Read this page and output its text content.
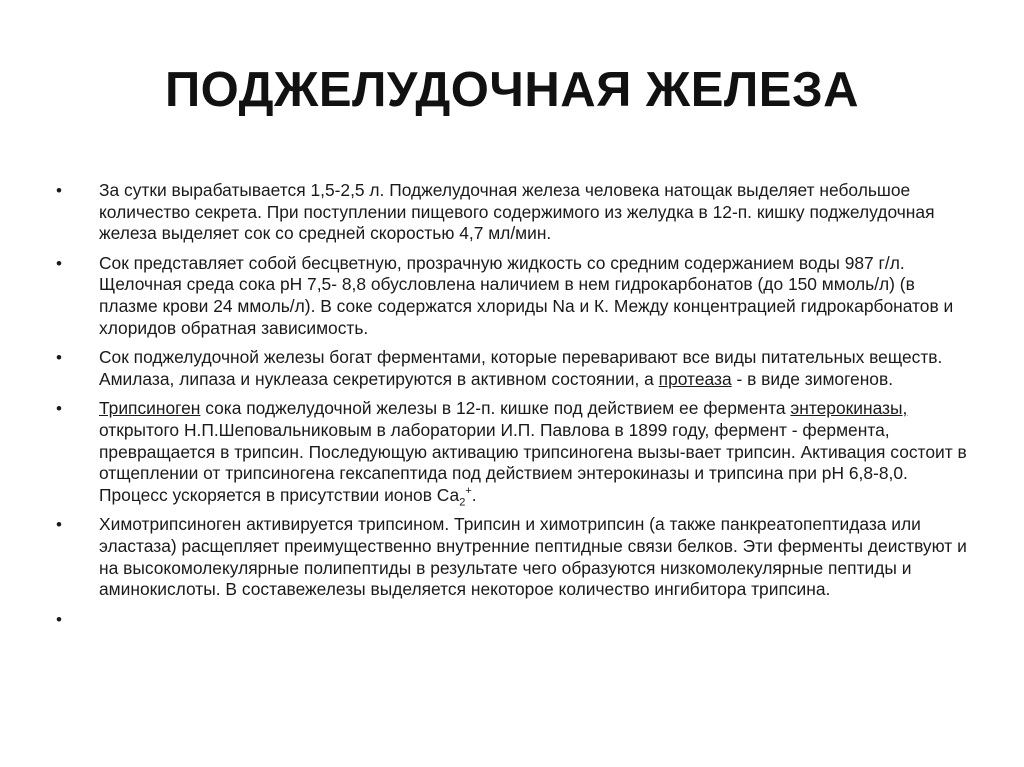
ПОДЖЕЛУДОЧНАЯ ЖЕЛЕЗА
• За сутки вырабатывается 1,5-2,5 л. Поджелудочная железа человека натощак выделяет небольшое количество секрета. При поступлении пищевого содержимого из желудка в 12-п. кишку поджелудочная железа выделяет сок со средней скоростью 4,7 мл/мин.
• Сок представляет собой бесцветную, прозрачную жидкость со средним содержанием воды 987 г/л. Щелочная среда сока рН 7,5- 8,8 обусловлена наличием в нем гидрокарбонатов (до 150 ммоль/л) (в плазме крови 24 ммоль/л). В соке содержатся хлориды Na и К. Между концентрацией гидрокарбонатов и хлоридов обратная зависимость.
• Сок поджелудочной железы богат ферментами, которые переваривают все виды питательных веществ. Амилаза, липаза и нуклеаза секретируются в активном состоянии, а протеаза - в виде зимогенов.
• Трипсиноген сока поджелудочной железы в 12-п. кишке под действием ее фермента энтерокиназы, открытого Н.П.Шеповальниковым в лаборатории И.П. Павлова в 1899 году, фермент - фермента, превращается в трипсин. Последующую активацию трипсиногена вызы-вает трипсин. Активация состоит в отщеплении от трипсиногена гексапептида под действием энтерокиназы и трипсина при рН 6,8-8,0. Процесс ускоряется в присутствии ионов $Са_2^+$.
• Химотрипсиноген активируется трипсином. Трипсин и химотрипсин (а также панкреатопептидаза или эластаза) расщепляет преимущественно внутренние пептидные связи белков. Эти ферменты деиствуют и на высокомолекулярные полипептиды в результате чего образуются низкомолекулярные пептиды и аминокислоты. В составежелезы выделяется некоторое количество ингибитора трипсина.
•
